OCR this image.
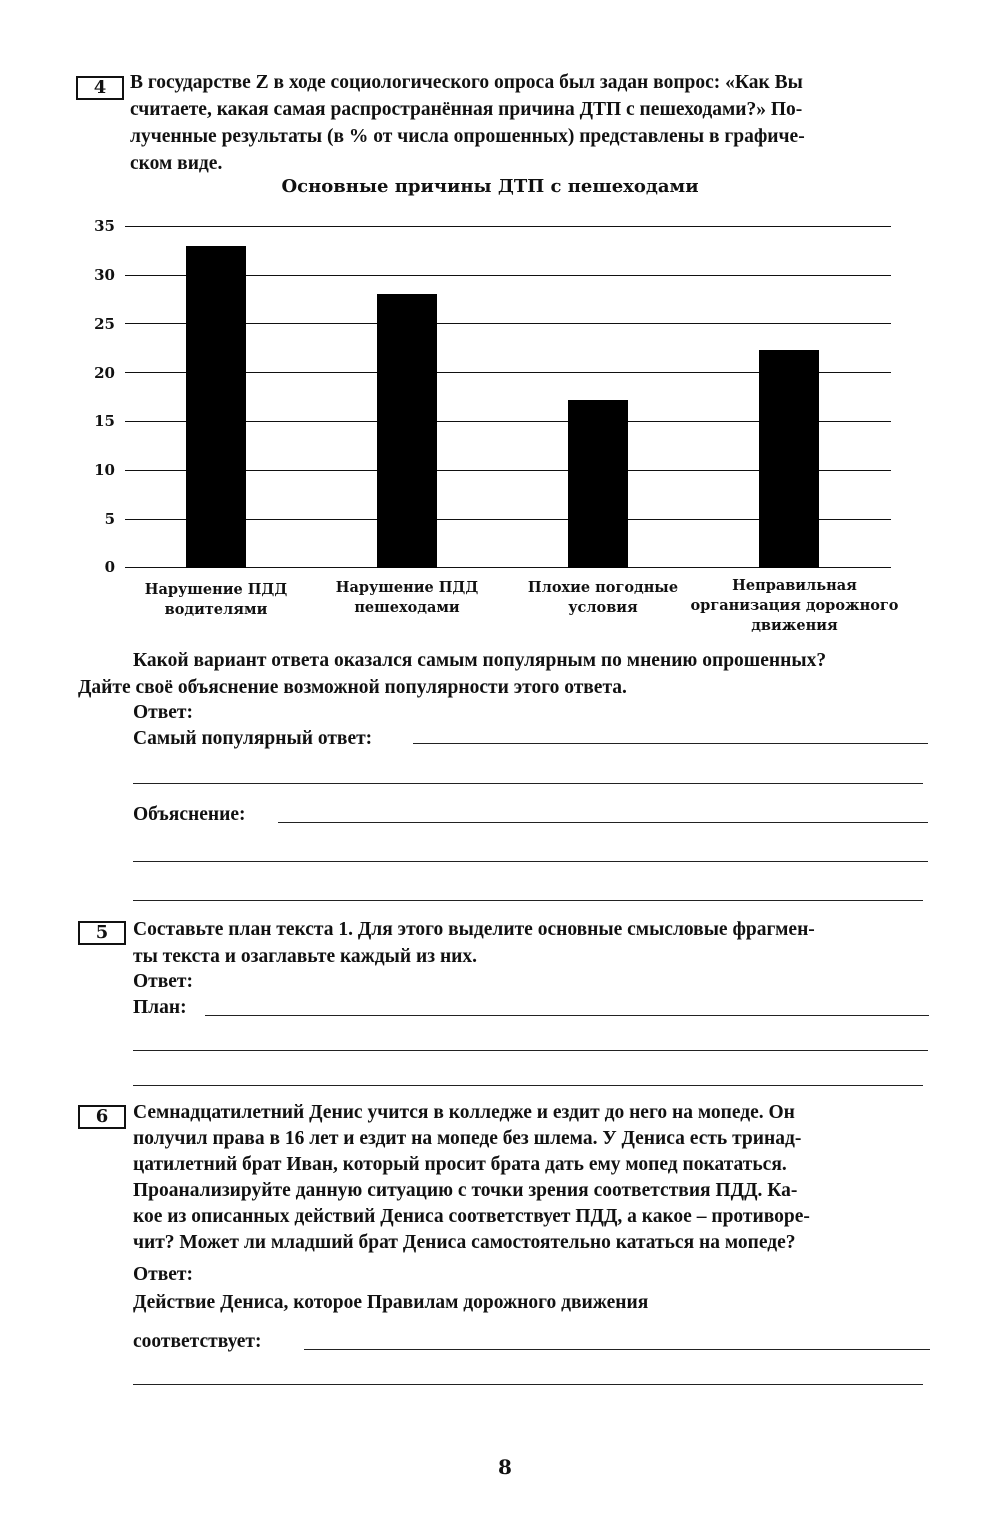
4	В государстве Z в ходе социологического опроса был задан вопрос: «Как Вы
считаете, какая самая распространённая причина ДТП с пешеходами?» По-
лученные результаты (в % от числа опрошенных) представлены в графиче-
ском виде.
Основные причины ДТП с пешеходами
35
30
25
20
15
10
5
0
Нарушение ПДД
водителями
Нарушение ПДД
пешеходами
Плохие погодные
условия
Неправильная
организация дорожного
движения
Какой вариант ответа оказался самым популярным по мнению опрошенных?
Дайте своё объяснение возможной популярности этого ответа.
Ответ:
Самый популярный ответ:
Объяснение:
5	Составьте план текста 1. Для этого выделите основные смысловые фрагмен-
ты текста и озаглавьте каждый из них.
Ответ:
План:
6	Семнадцатилетний Денис учится в колледже и ездит до него на мопеде. Он
получил права в 16 лет и ездит на мопеде без шлема. У Дениса есть тринад-
цатилетний брат Иван, который просит брата дать ему мопед покататься.
Проанализируйте данную ситуацию с точки зрения соответствия ПДД. Ка-
кое из описанных действий Дениса соответствует ПДД, а какое – противоре-
чит? Может ли младший брат Дениса самостоятельно кататься на мопеде?
Ответ:
Действие Дениса, которое Правилам дорожного движения
соответствует:
8
